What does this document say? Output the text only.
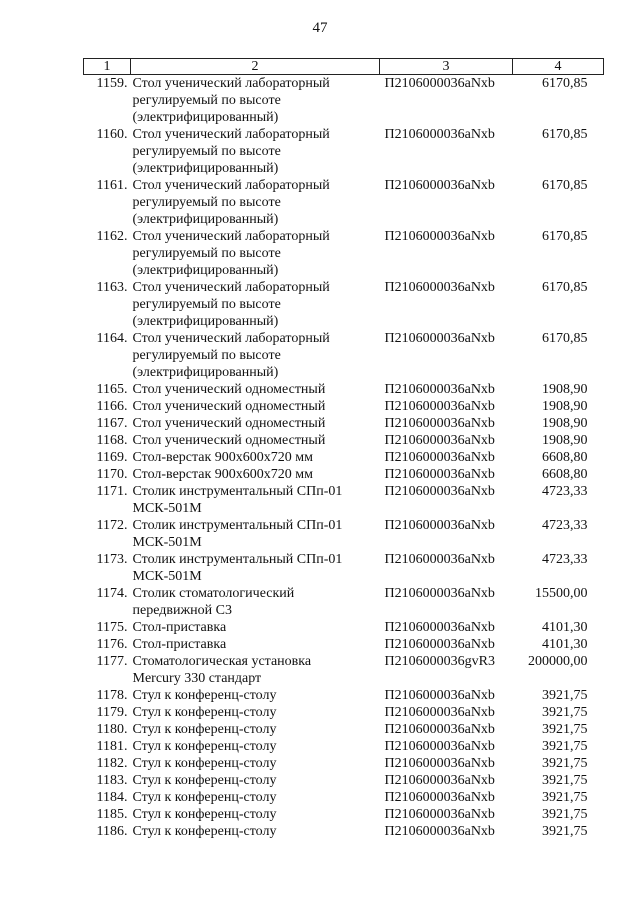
47
1	2	3	4
1159.	Стол ученический лабораторный
регулируемый по высоте
(электрифицированный)	П2106000036aNxb	6170,85
1160.	Стол ученический лабораторный
регулируемый по высоте
(электрифицированный)	П2106000036aNxb	6170,85
1161.	Стол ученический лабораторный
регулируемый по высоте
(электрифицированный)	П2106000036aNxb	6170,85
1162.	Стол ученический лабораторный
регулируемый по высоте
(электрифицированный)	П2106000036aNxb	6170,85
1163.	Стол ученический лабораторный
регулируемый по высоте
(электрифицированный)	П2106000036aNxb	6170,85
1164.	Стол ученический лабораторный
регулируемый по высоте
(электрифицированный)	П2106000036aNxb	6170,85
1165.	Стол ученический одноместный	П2106000036aNxb	1908,90
1166.	Стол ученический одноместный	П2106000036aNxb	1908,90
1167.	Стол ученический одноместный	П2106000036aNxb	1908,90
1168.	Стол ученический одноместный	П2106000036aNxb	1908,90
1169.	Стол-верстак 900x600x720 мм	П2106000036aNxb	6608,80
1170.	Стол-верстак 900x600x720 мм	П2106000036aNxb	6608,80
1171.	Столик инструментальный СПп-01
МСК-501М	П2106000036aNxb	4723,33
1172.	Столик инструментальный СПп-01
МСК-501М	П2106000036aNxb	4723,33
1173.	Столик инструментальный СПп-01
МСК-501М	П2106000036aNxb	4723,33
1174.	Столик стоматологический
передвижной С3	П2106000036aNxb	15500,00
1175.	Стол-приставка	П2106000036aNxb	4101,30
1176.	Стол-приставка	П2106000036aNxb	4101,30
1177.	Стоматологическая установка
Mercury 330 стандарт	П2106000036gvR3	200000,00
1178.	Стул к конференц-столу	П2106000036aNxb	3921,75
1179.	Стул к конференц-столу	П2106000036aNxb	3921,75
1180.	Стул к конференц-столу	П2106000036aNxb	3921,75
1181.	Стул к конференц-столу	П2106000036aNxb	3921,75
1182.	Стул к конференц-столу	П2106000036aNxb	3921,75
1183.	Стул к конференц-столу	П2106000036aNxb	3921,75
1184.	Стул к конференц-столу	П2106000036aNxb	3921,75
1185.	Стул к конференц-столу	П2106000036aNxb	3921,75
1186.	Стул к конференц-столу	П2106000036aNxb	3921,75
